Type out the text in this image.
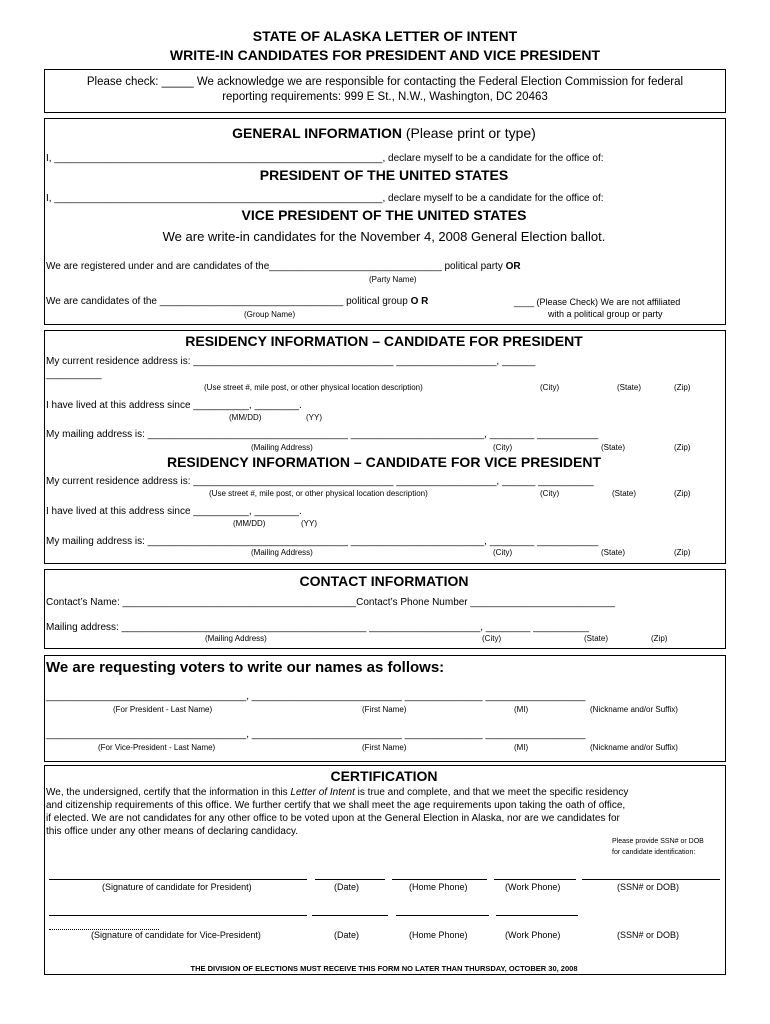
STATE OF ALASKA LETTER OF INTENT
WRITE-IN CANDIDATES FOR PRESIDENT AND VICE PRESIDENT
Please check: _____ We acknowledge we are responsible for contacting the Federal Election Commission for federal
reporting requirements: 999 E St., N.W., Washington, DC 20463
GENERAL INFORMATION (Please print or type)
I, ___________________________________________________________, declare myself to be a candidate for the office of:
PRESIDENT OF THE UNITED STATES
I, ___________________________________________________________, declare myself to be a candidate for the office of:
VICE PRESIDENT OF THE UNITED STATES
We are write-in candidates for the November 4, 2008 General Election ballot.
We are registered under and are candidates of the_______________________________ political party OR
(Party Name)
We are candidates of the _________________________________ political group O R	____ (Please Check) We are not affiliated
with a political group or party
(Group Name)
RESIDENCY INFORMATION – CANDIDATE FOR PRESIDENT
My current residence address is: ____________________________________ __________________, ______
__________
(Use street #, mile post, or other physical location description)	(City)	(State)	(Zip)
I have lived at this address since __________, ________.
(MM/DD)	(YY)
My mailing address is: ____________________________________ ________________________, ________ ___________
(Mailing Address)	(City)	(State)	(Zip)
RESIDENCY INFORMATION – CANDIDATE FOR VICE PRESIDENT
My current residence address is: ____________________________________ __________________, ______ __________
(Use street #, mile post, or other physical location description)	(City)	(State)	(Zip)
I have lived at this address since __________, ________.
(MM/DD)	(YY)
My mailing address is: ____________________________________ ________________________, ________ ___________
(Mailing Address)	(City)	(State)	(Zip)
CONTACT INFORMATION
Contact’s Name: __________________________________________Contact’s Phone Number __________________________
Mailing address: ____________________________________________ ____________________, ________ __________
(Mailing Address)	(City)	(State)	(Zip)
We are requesting voters to write our names as follows:
____________________________________, ___________________________ ______________ __________________
(For President - Last Name)	(First Name)	(MI)	(Nickname and/or Suffix)
____________________________________, ___________________________ ______________ __________________
(For Vice-President - Last Name)	(First Name)	(MI)	(Nickname and/or Suffix)
CERTIFICATION
We, the undersigned, certify that the information in this Letter of Intent is true and complete, and that we meet the specific residency
and citizenship requirements of this office. We further certify that we shall meet the age requirements upon taking the oath of office,
if elected. We are not candidates for any other office to be voted upon at the General Election in Alaska, nor are we candidates for
this office under any other means of declaring candidacy.
Please provide SSN# or DOB
for candidate identification:
(Signature of candidate for President)	(Date)	(Home Phone)	(Work Phone)	(SSN# or DOB)
(Signature of candidate for Vice-President)	(Date)	(Home Phone)	(Work Phone)	(SSN# or DOB)
THE DIVISION OF ELECTIONS MUST RECEIVE THIS FORM NO LATER THAN THURSDAY, OCTOBER 30, 2008
